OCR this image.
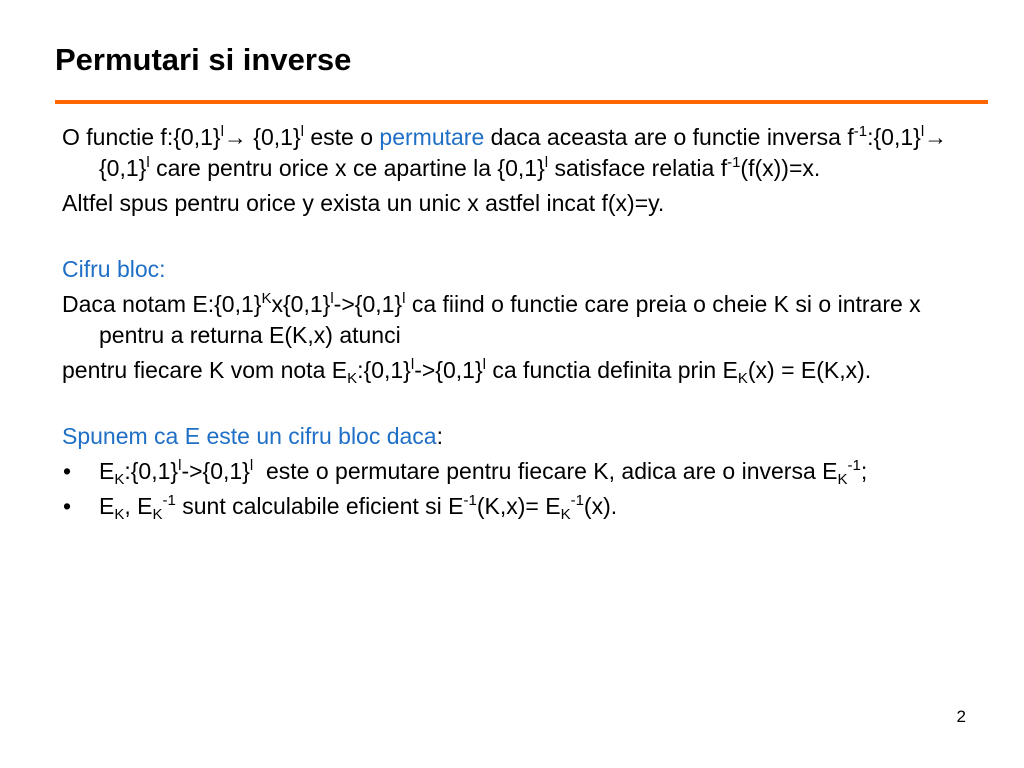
Permutari si inverse
O functie $f:\{0,1\}^l\to \{0,1\}^l$ este o permutare daca aceasta are o functie inversa $f^{-1}:\{0,1\}^l\to \{0,1\}^l$ care pentru orice x ce apartine la $\{0,1\}^l$ satisface relatia $f^{-1}(f(x))=x$.
Altfel spus pentru orice y exista un unic x astfel incat f(x)=y.
Cifru bloc:
Daca notam $E:\{0,1\}^Kx\{0,1\}^l->\{0,1\}^l$ ca fiind o functie care preia o cheie K si o intrare x pentru a returna E(K,x) atunci
pentru fiecare K vom nota $E_K:\{0,1\}^l->\{0,1\}^l$ ca functia definita prin $E_K(x) = E(K,x)$.
Spunem ca E este un cifru bloc daca:
• $E_K:\{0,1\}^l->\{0,1\}^l$  este o permutare pentru fiecare K, adica are o inversa $E_K^{-1}$;
• $E_K$, $E_K^{-1}$ sunt calculabile eficient si $E^{-1}(K,x)= E_K^{-1}(x)$.
2
